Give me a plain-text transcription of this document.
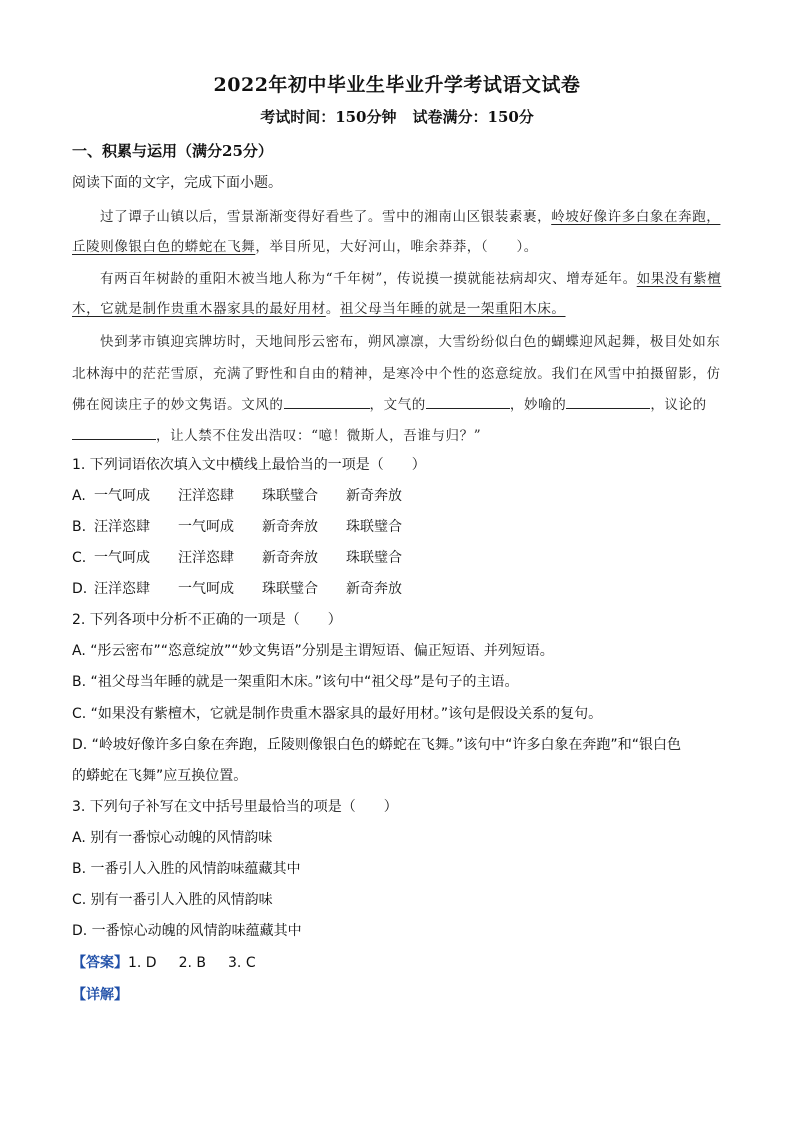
2022年初中毕业生毕业升学考试语文试卷
考试时间：150分钟 试卷满分：150分
一、积累与运用（满分25分）
阅读下面的文字，完成下面小题。
过了谭子山镇以后，雪景渐渐变得好看些了。雪中的湘南山区银装素裹，岭坡好像许多白象在奔跑，
丘陵则像银白色的蟒蛇在飞舞，举目所见，大好河山，唯余莽莽，（　　）。
有两百年树龄的重阳木被当地人称为“千年树”，传说摸一摸就能祛病却灾、增寿延年。如果没有紫檀
木，它就是制作贵重木器家具的最好用材。祖父母当年睡的就是一架重阳木床。
快到茅市镇迎宾牌坊时，天地间彤云密布，朔风凛凛，大雪纷纷似白色的蝴蝶迎风起舞，极目处如东
北林海中的茫茫雪原，充满了野性和自由的精神，是寒冷中个性的恣意绽放。我们在风雪中拍摄留影，仿
佛在阅读庄子的妙文隽语。文风的	，文气的	，妙喻的	，议论的
，让人禁不住发出浩叹：“噫！微斯人，吾谁与归？”
1. 下列词语依次填入文中横线上最恰当的一项是（　　）
A. 一气呵成 汪洋恣肆 珠联璧合 新奇奔放
B. 汪洋恣肆 一气呵成 新奇奔放 珠联璧合
C. 一气呵成 汪洋恣肆 新奇奔放 珠联璧合
D. 汪洋恣肆 一气呵成 珠联璧合 新奇奔放
2. 下列各项中分析不正确的一项是（　　）
A. “彤云密布”“恣意绽放”“妙文隽语”分别是主谓短语、偏正短语、并列短语。
B. “祖父母当年睡的就是一架重阳木床。”该句中“祖父母”是句子的主语。
C. “如果没有紫檀木，它就是制作贵重木器家具的最好用材。”该句是假设关系的复句。
D. “岭坡好像许多白象在奔跑，丘陵则像银白色的蟒蛇在飞舞。”该句中“许多白象在奔跑”和“银白色
的蟒蛇在飞舞”应互换位置。
3. 下列句子补写在文中括号里最恰当的项是（　　）
A. 别有一番惊心动魄的风情韵味
B. 一番引人入胜的风情韵味蕴藏其中
C. 别有一番引人入胜的风情韵味
D. 一番惊心动魄的风情韵味蕴藏其中
【答案】1. D 2. B 3. C
【详解】
